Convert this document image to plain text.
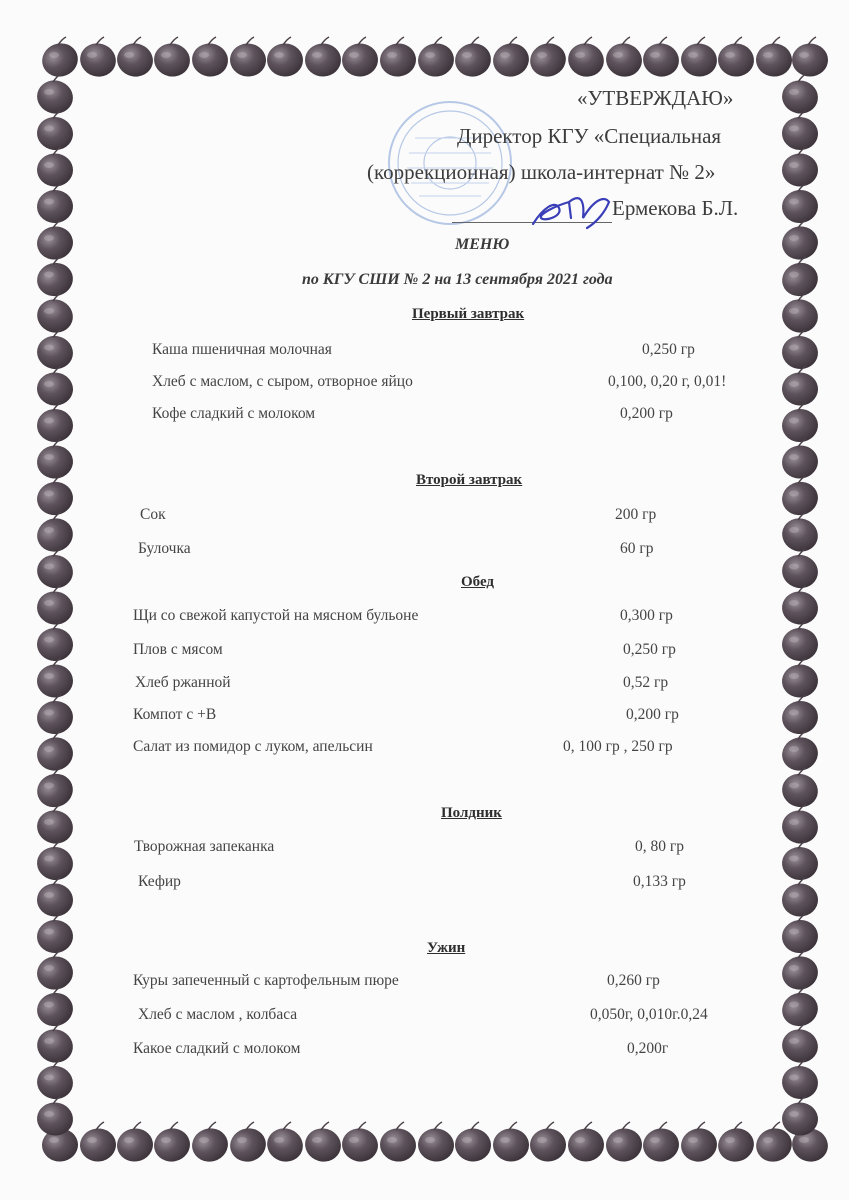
«УТВЕРЖДАЮ»
Директор КГУ «Специальная
(коррекционная) школа-интернат № 2»
Ермекова Б.Л.
МЕНЮ
по КГУ СШИ № 2 на 13 сентября 2021 года
Первый завтрак
Каша пшеничная молочная	0,250 гр
Хлеб с маслом, с сыром, отворное яйцо	0,100, 0,20 г, 0,01!
Кофе сладкий с молоком	0,200 гр
Второй завтрак
Сок	200 гр
Булочка	60 гр
Обед
Щи со свежой капустой на мясном бульоне	0,300 гр
Плов с мясом	0,250 гр
Хлеб ржанной	0,52 гр
Компот с +В	0,200 гр
Салат из помидор с луком, апельсин	0, 100 гр , 250 гр
Полдник
Творожная запеканка	0, 80 гр
Кефир	0,133 гр
Ужин
Куры запеченный с картофельным пюре	0,260 гр
Хлеб с маслом , колбаса	0,050г, 0,010г.0,24
Какое сладкий с молоком	0,200г
